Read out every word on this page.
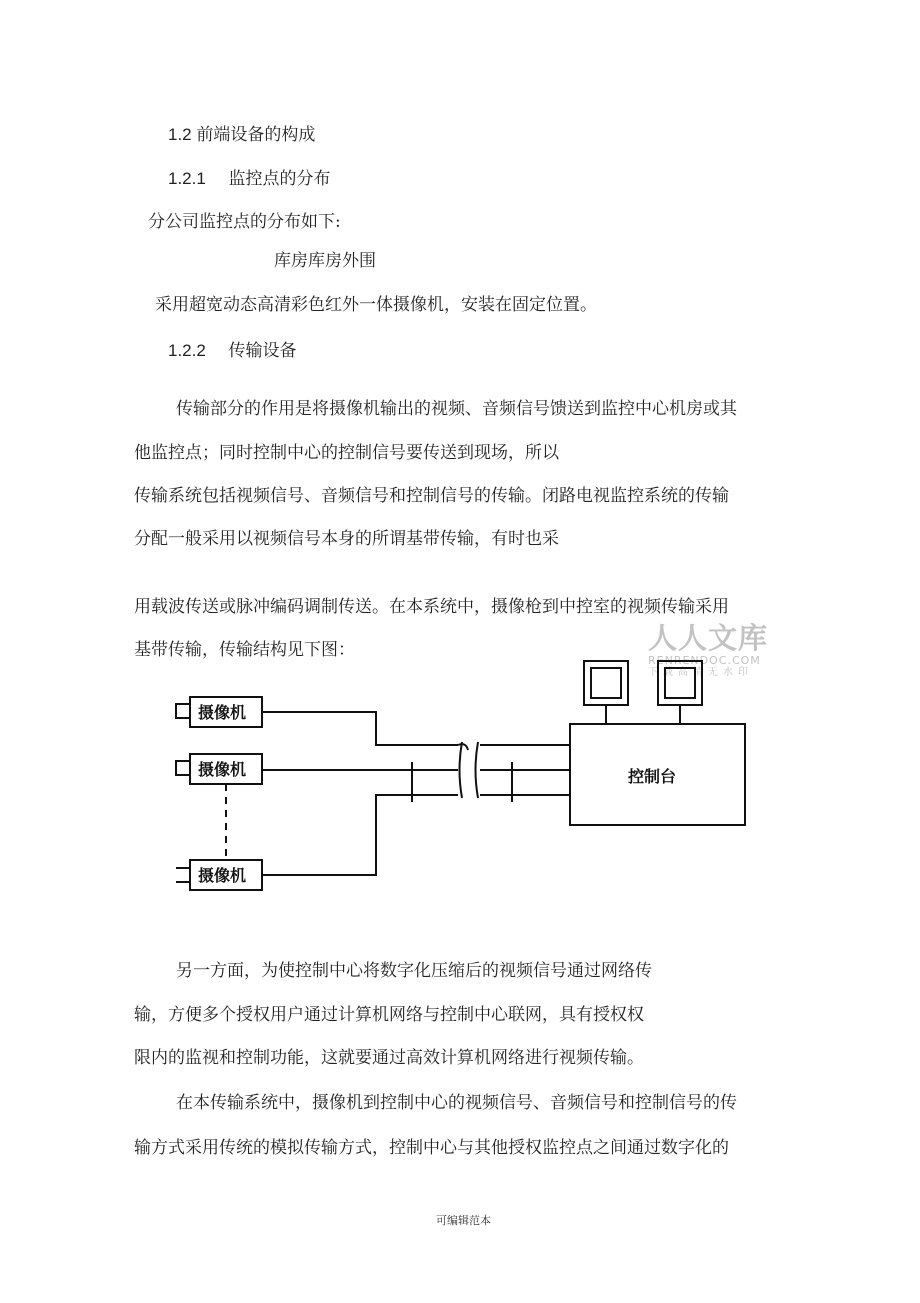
1.2 前端设备的构成
1.2.1 监控点的分布
分公司监控点的分布如下:
库房库房外围
采用超宽动态高清彩色红外一体摄像机，安装在固定位置。
1.2.2 传输设备
传输部分的作用是将摄像机输出的视频、音频信号馈送到监控中心机房或其
他监控点；同时控制中心的控制信号要传送到现场，所以
传输系统包括视频信号、音频信号和控制信号的传输。闭路电视监控系统的传输
分配一般采用以视频信号本身的所谓基带传输，有时也采
用载波传送或脉冲编码调制传送。在本系统中，摄像枪到中控室的视频传输采用
基带传输，传输结构见下图：	人人文库
RENRENDOC.COM
下载高清无水印
摄像机
摄像机
摄像机
控制台
另一方面，为使控制中心将数字化压缩后的视频信号通过网络传
输，方便多个授权用户通过计算机网络与控制中心联网，具有授权权
限内的监视和控制功能，这就要通过高效计算机网络进行视频传输。
在本传输系统中，摄像机到控制中心的视频信号、音频信号和控制信号的传
输方式采用传统的模拟传输方式，控制中心与其他授权监控点之间通过数字化的
可编辑范本
